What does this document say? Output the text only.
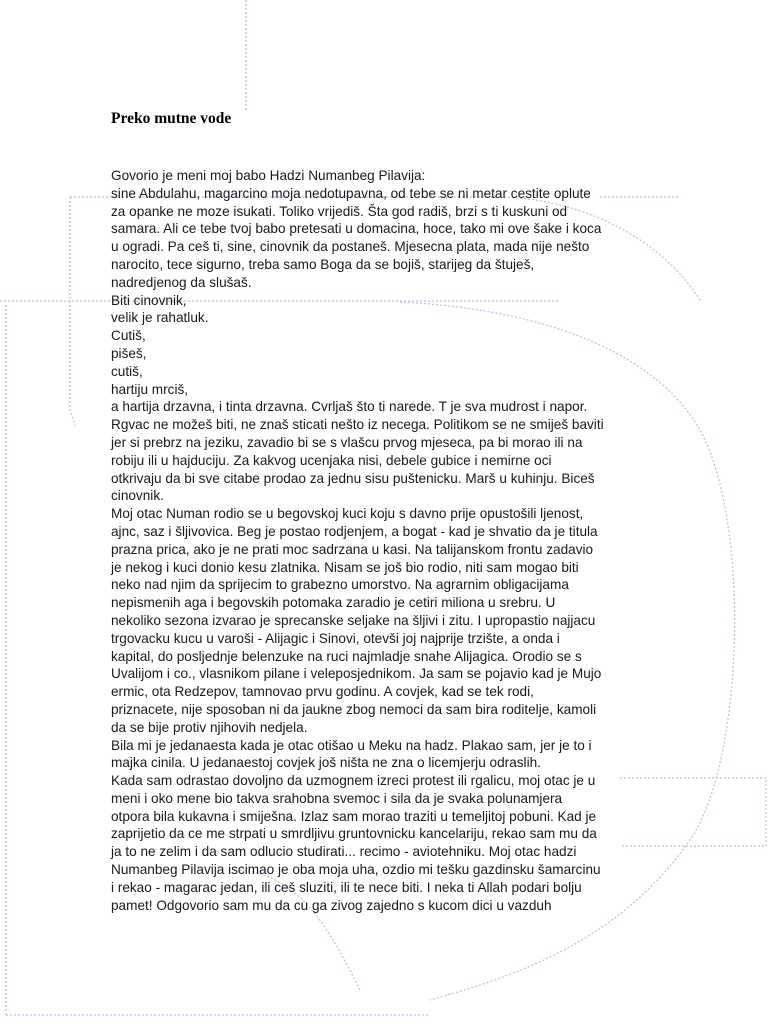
Preko mutne vode
Govorio je meni moj babo Hadzi Numanbeg Pilavija:
sine Abdulahu, magarcino moja nedotupavna, od tebe se ni metar cestite oplute
za opanke ne moze isukati. Toliko vrijediš. Šta god radiš, brzi s ti kuskuni od
samara. Ali ce tebe tvoj babo pretesati u domacina, hoce, tako mi ove šake i koca
u ogradi. Pa ceš ti, sine, cinovnik da postaneš. Mjesecna plata, mada nije nešto
narocito, tece sigurno, treba samo Boga da se bojiš, starijeg da štuješ,
nadredjenog da slušaš.
Biti cinovnik,
velik je rahatluk.
Cutiš,
pišeš,
cutiš,
hartiju mrciš,
a hartija drzavna, i tinta drzavna. Cvrljaš što ti narede. T je sva mudrost i napor.
Rgvac ne možeš biti, ne znaš sticati nešto iz necega. Politikom se ne smiješ baviti
jer si prebrz na jeziku, zavadio bi se s vlašcu prvog mjeseca, pa bi morao ili na
robiju ili u hajduciju. Za kakvog ucenjaka nisi, debele gubice i nemirne oci
otkrivaju da bi sve citabe prodao za jednu sisu puštenicku. Marš u kuhinju. Biceš
cinovnik.
Moj otac Numan rodio se u begovskoj kuci koju s davno prije opustošili ljenost,
ajnc, saz i šljivovica. Beg je postao rodjenjem, a bogat - kad je shvatio da je titula
prazna prica, ako je ne prati moc sadrzana u kasi. Na talijanskom frontu zadavio
je nekog i kuci donio kesu zlatnika. Nisam se još bio rodio, niti sam mogao biti
neko nad njim da sprijecim to grabezno umorstvo. Na agrarnim obligacijama
nepismenih aga i begovskih potomaka zaradio je cetiri miliona u srebru. U
nekoliko sezona izvarao je sprecanske seljake na šljivi i zitu. I upropastio najjacu
trgovacku kucu u varoši - Alijagic i Sinovi, otevši joj najprije trzište, a onda i
kapital, do posljednje belenzuke na ruci najmladje snahe Alijagica. Orodio se s
Uvalijom i co., vlasnikom pilane i veleposjednikom. Ja sam se pojavio kad je Mujo
ermic, ota Redzepov, tamnovao prvu godinu. A covjek, kad se tek rodi,
priznacete, nije sposoban ni da jaukne zbog nemoci da sam bira roditelje, kamoli
da se bije protiv njihovih nedjela.
Bila mi je jedanaesta kada je otac otišao u Meku na hadz. Plakao sam, jer je to i
majka cinila. U jedanaestoj covjek još ništa ne zna o licemjerju odraslih.
Kada sam odrastao dovoljno da uzmognem izreci protest ili rgalicu, moj otac je u
meni i oko mene bio takva srahobna svemoc i sila da je svaka polunamjera
otpora bila kukavna i smiješna. Izlaz sam morao traziti u temeljitoj pobuni. Kad je
zaprijetio da ce me strpati u smrdljivu gruntovnicku kancelariju, rekao sam mu da
ja to ne zelim i da sam odlucio studirati... recimo - aviotehniku. Moj otac hadzi
Numanbeg Pilavija iscimao je oba moja uha, ozdio mi tešku gazdinsku šamarcinu
i rekao - magarac jedan, ili ceš sluziti, ili te nece biti. I neka ti Allah podari bolju
pamet! Odgovorio sam mu da cu ga zivog zajedno s kucom dici u vazduh
